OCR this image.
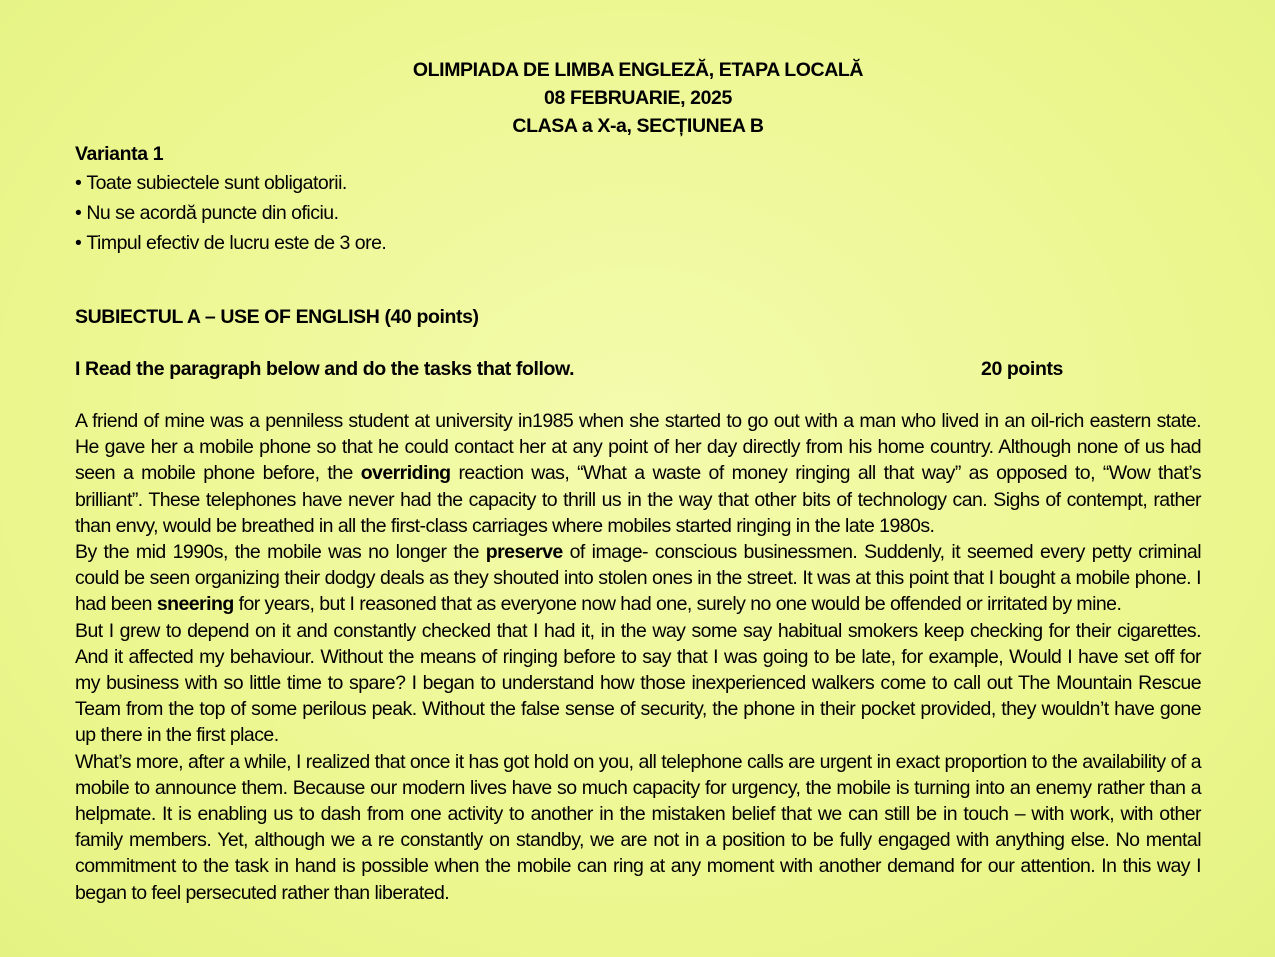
OLIMPIADA DE LIMBA ENGLEZĂ, ETAPA LOCALĂ
08 FEBRUARIE, 2025
CLASA a X-a, SECȚIUNEA B
Varianta 1
• Toate subiectele sunt obligatorii.
• Nu se acordă puncte din oficiu.
• Timpul efectiv de lucru este de 3 ore.
SUBIECTUL A – USE OF ENGLISH (40 points)
I Read the paragraph below and do the tasks that follow.	20 points

A friend of mine was a penniless student at university in1985 when she started to go out with a man who lived in an oil-rich eastern state. He gave her a mobile phone so that he could contact her at any point of her day directly from his home country. Although none of us had seen a mobile phone before, the overriding reaction was, “What a waste of money ringing all that way” as opposed to, “Wow that’s brilliant”. These telephones have never had the capacity to thrill us in the way that other bits of technology can. Sighs of contempt, rather than envy, would be breathed in all the first-class carriages where mobiles started ringing in the late 1980s.

By the mid 1990s, the mobile was no longer the preserve of image- conscious businessmen. Suddenly, it seemed every petty criminal could be seen organizing their dodgy deals as they shouted into stolen ones in the street. It was at this point that I bought a mobile phone. I had been sneering for years, but I reasoned that as everyone now had one, surely no one would be offended or irritated by mine.

But I grew to depend on it and constantly checked that I had it, in the way some say habitual smokers keep checking for their cigarettes. And it affected my behaviour. Without the means of ringing before to say that I was going to be late, for example, Would I have set off for my business with so little time to spare? I began to understand how those inexperienced walkers come to call out The Mountain Rescue Team from the top of some perilous peak. Without the false sense of security, the phone in their pocket provided, they wouldn’t have gone up there in the first place.

What’s more, after a while, I realized that once it has got hold on you, all telephone calls are urgent in exact proportion to the availability of a mobile to announce them. Because our modern lives have so much capacity for urgency, the mobile is turning into an enemy rather than a helpmate. It is enabling us to dash from one activity to another in the mistaken belief that we can still be in touch – with work, with other family members. Yet, although we a re constantly on standby, we are not in a position to be fully engaged with anything else. No mental commitment to the task in hand is possible when the mobile can ring at any moment with another demand for our attention. In this way I began to feel persecuted rather than liberated.
